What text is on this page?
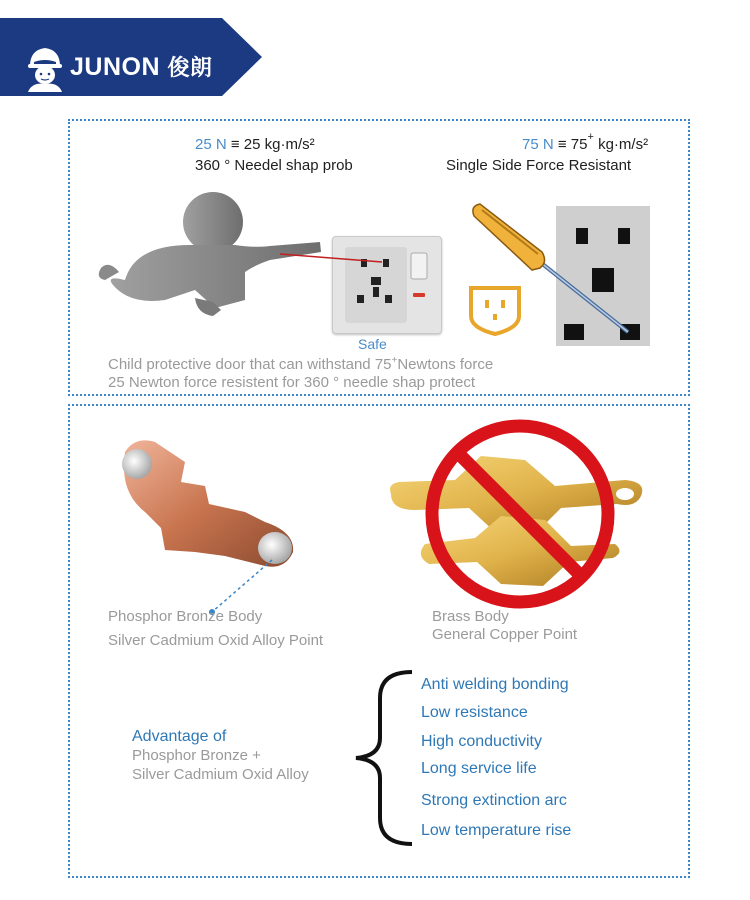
JUNON 俊朗
25 N ≡ 25 kg·m/s²
360 ° Needel shap prob
75 N ≡ 75+ kg·m/s²
Single Side Force Resistant
Safe
Child protective door that can withstand 75+Newtons force
25 Newton force resistent for 360 ° needle shap protect
Phosphor Bronze Body
Silver Cadmium Oxid Alloy Point
Brass Body
General Copper Point
Advantage of
Phosphor Bronze +
Silver Cadmium Oxid Alloy
Anti welding bonding
Low resistance
High conductivity
Long service life
Strong extinction arc
Low temperature rise
